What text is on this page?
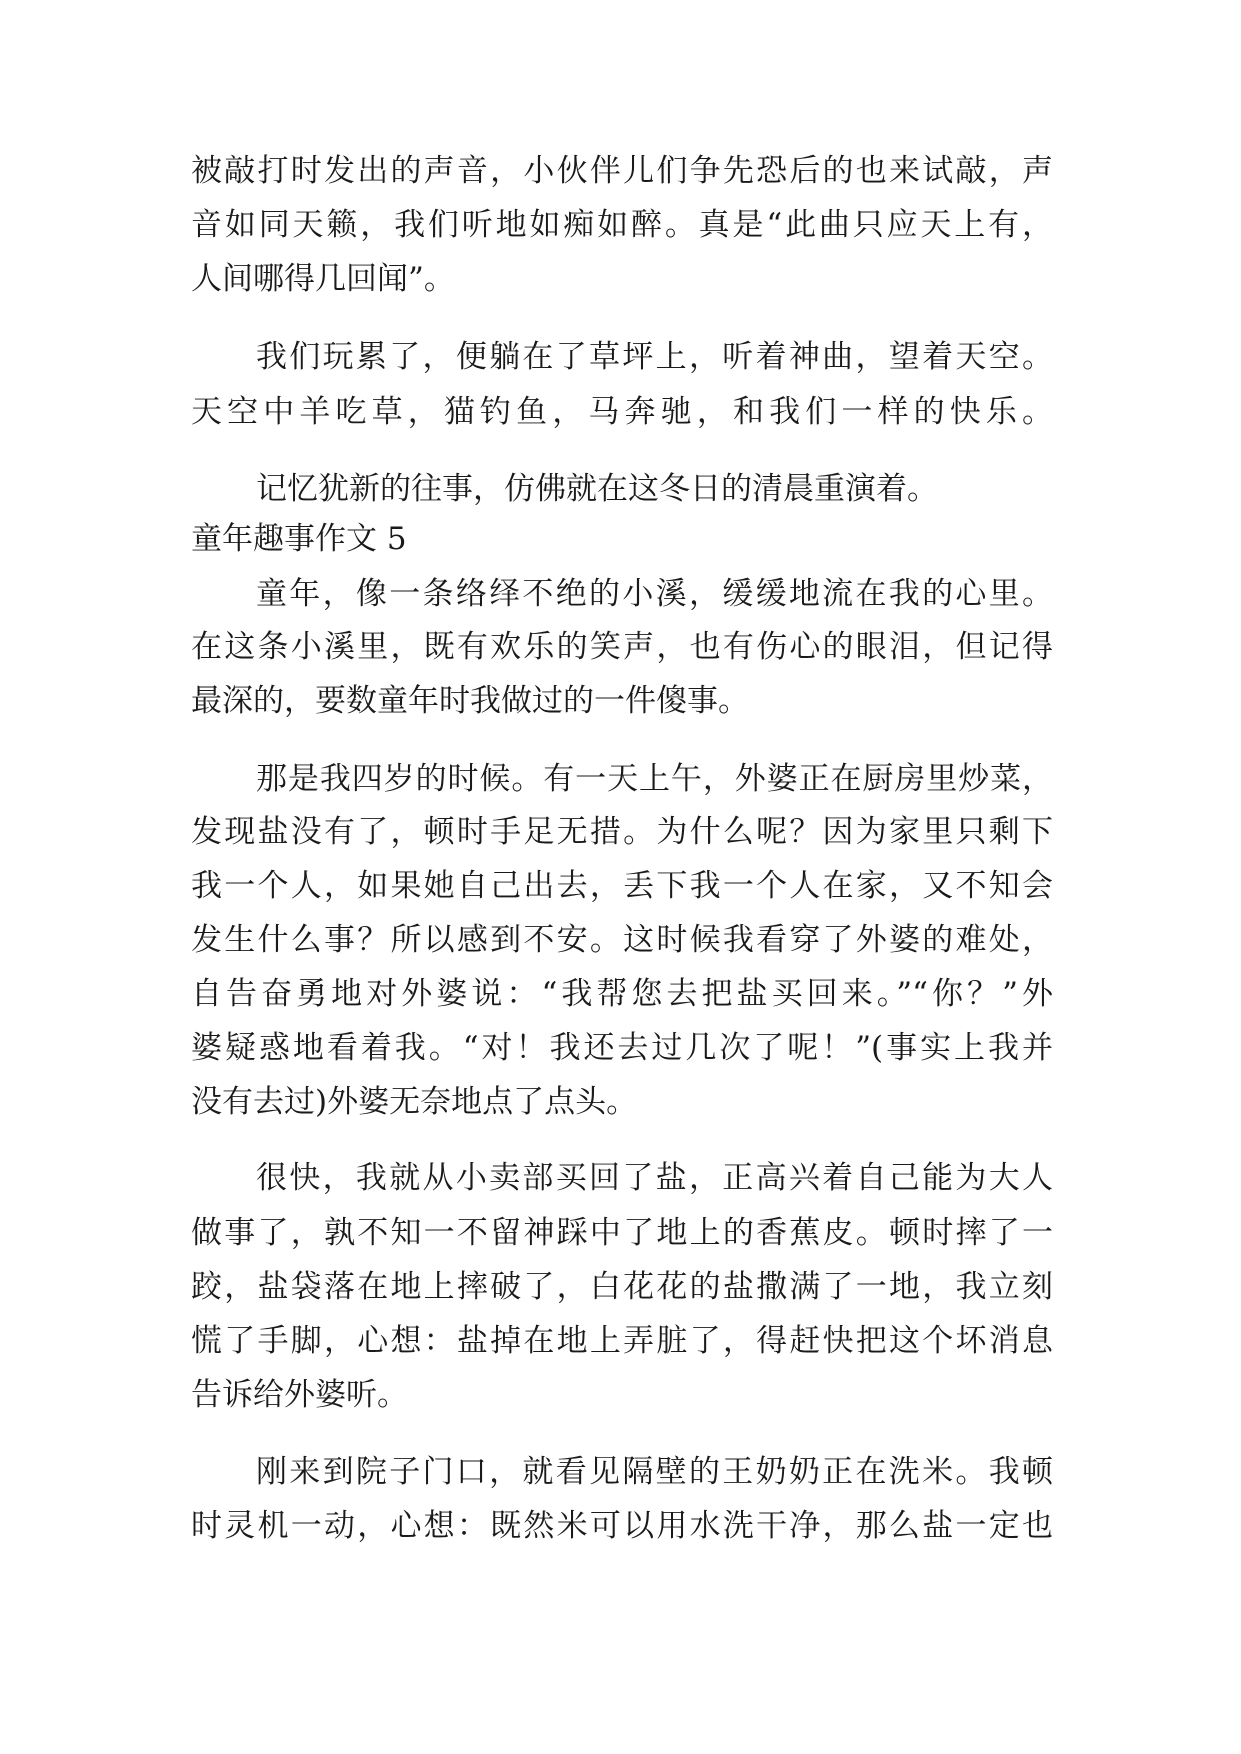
被敲打时发出的声音，小伙伴儿们争先恐后的也来试敲，声
音如同天籁，我们听地如痴如醉。真是“此曲只应天上有，
人间哪得几回闻”。
我们玩累了，便躺在了草坪上，听着神曲，望着天空。
天空中羊吃草，猫钓鱼，马奔驰，和我们一样的快乐。
记忆犹新的往事，仿佛就在这冬日的清晨重演着。
童年趣事作文 5
童年，像一条络绎不绝的小溪，缓缓地流在我的心里。
在这条小溪里，既有欢乐的笑声，也有伤心的眼泪，但记得
最深的，要数童年时我做过的一件傻事。
那是我四岁的时候。有一天上午，外婆正在厨房里炒菜，
发现盐没有了，顿时手足无措。为什么呢？因为家里只剩下
我一个人，如果她自己出去，丢下我一个人在家，又不知会
发生什么事？所以感到不安。这时候我看穿了外婆的难处，
自告奋勇地对外婆说：“我帮您去把盐买回来。”“你？”外
婆疑惑地看着我。“对！我还去过几次了呢！”(事实上我并
没有去过)外婆无奈地点了点头。
很快，我就从小卖部买回了盐，正高兴着自己能为大人
做事了，孰不知一不留神踩中了地上的香蕉皮。顿时摔了一
跤，盐袋落在地上摔破了，白花花的盐撒满了一地，我立刻
慌了手脚，心想：盐掉在地上弄脏了，得赶快把这个坏消息
告诉给外婆听。
刚来到院子门口，就看见隔壁的王奶奶正在洗米。我顿
时灵机一动，心想：既然米可以用水洗干净，那么盐一定也
